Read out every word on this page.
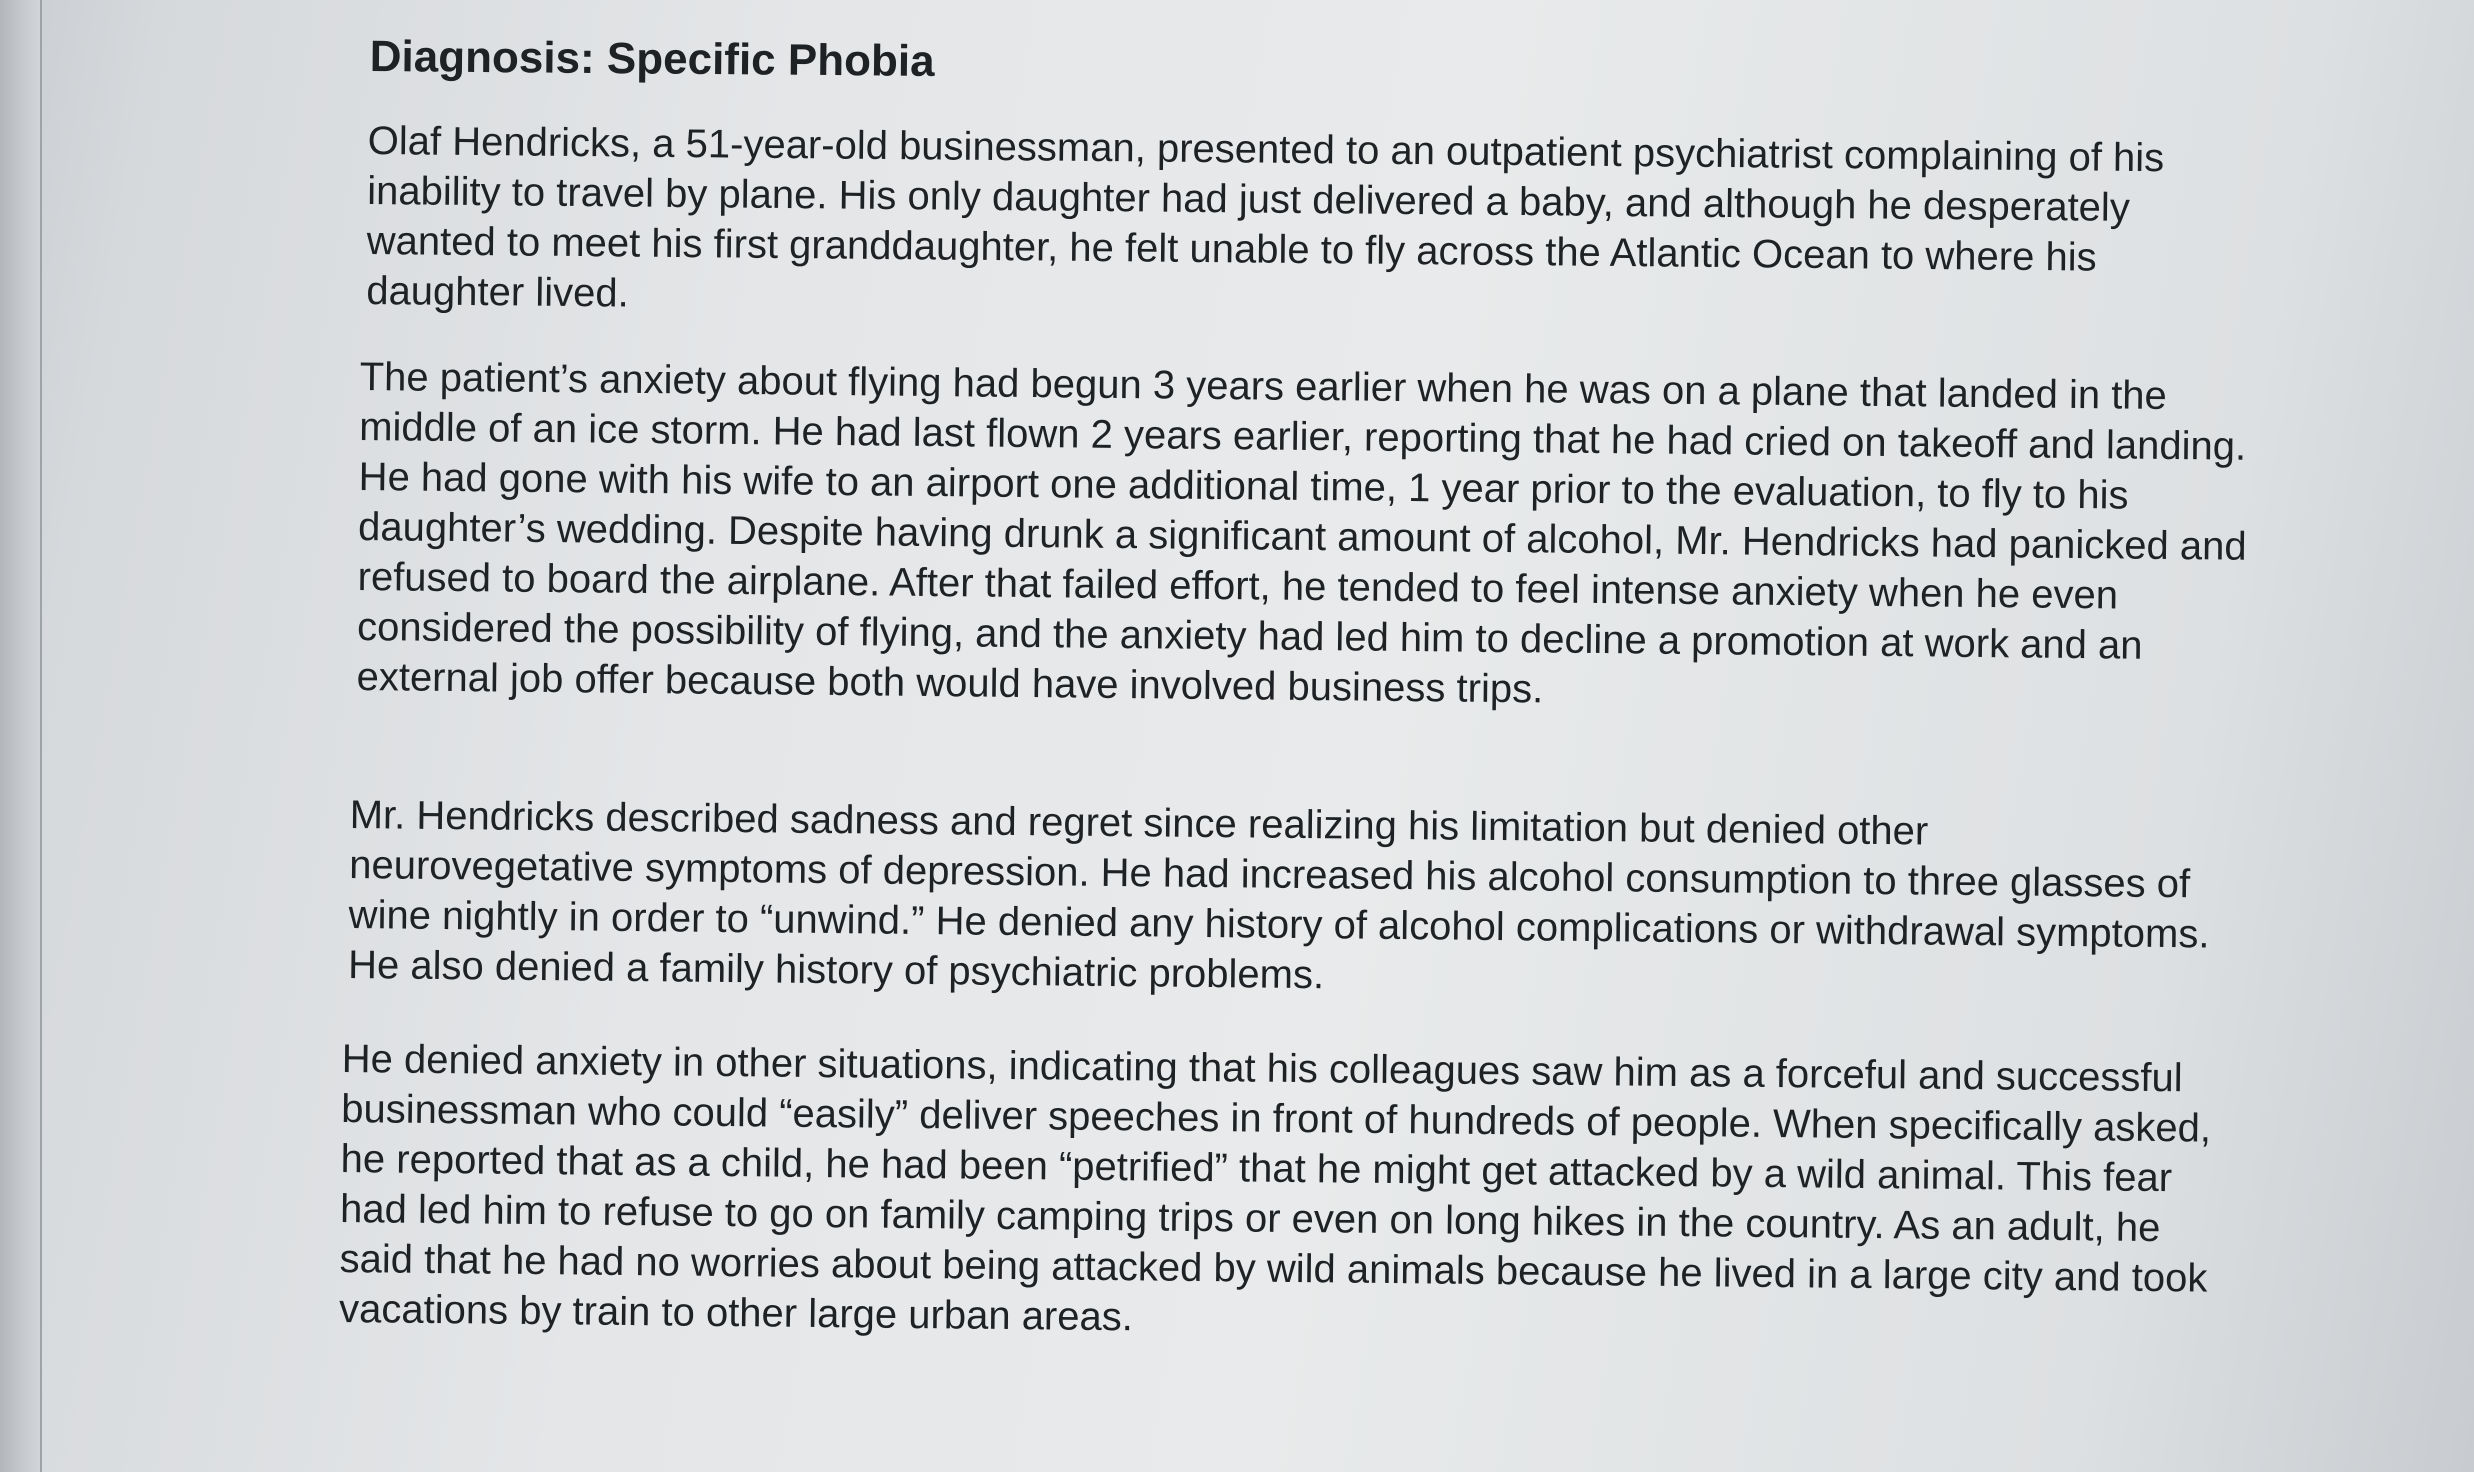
Diagnosis: Specific Phobia

Olaf Hendricks, a 51-year-old businessman, presented to an outpatient psychiatrist complaining of his inability to travel by plane. His only daughter had just delivered a baby, and although he desperately wanted to meet his first granddaughter, he felt unable to fly across the Atlantic Ocean to where his daughter lived.

The patient’s anxiety about flying had begun 3 years earlier when he was on a plane that landed in the middle of an ice storm. He had last flown 2 years earlier, reporting that he had cried on takeoff and landing. He had gone with his wife to an airport one additional time, 1 year prior to the evaluation, to fly to his daughter’s wedding. Despite having drunk a significant amount of alcohol, Mr. Hendricks had panicked and refused to board the airplane. After that failed effort, he tended to feel intense anxiety when he even considered the possibility of flying, and the anxiety had led him to decline a promotion at work and an external job offer because both would have involved business trips.

Mr. Hendricks described sadness and regret since realizing his limitation but denied other neurovegetative symptoms of depression. He had increased his alcohol consumption to three glasses of wine nightly in order to “unwind.” He denied any history of alcohol complications or withdrawal symptoms. He also denied a family history of psychiatric problems.

He denied anxiety in other situations, indicating that his colleagues saw him as a forceful and successful businessman who could “easily” deliver speeches in front of hundreds of people. When specifically asked, he reported that as a child, he had been “petrified” that he might get attacked by a wild animal. This fear had led him to refuse to go on family camping trips or even on long hikes in the country. As an adult, he said that he had no worries about being attacked by wild animals because he lived in a large city and took vacations by train to other large urban areas.
